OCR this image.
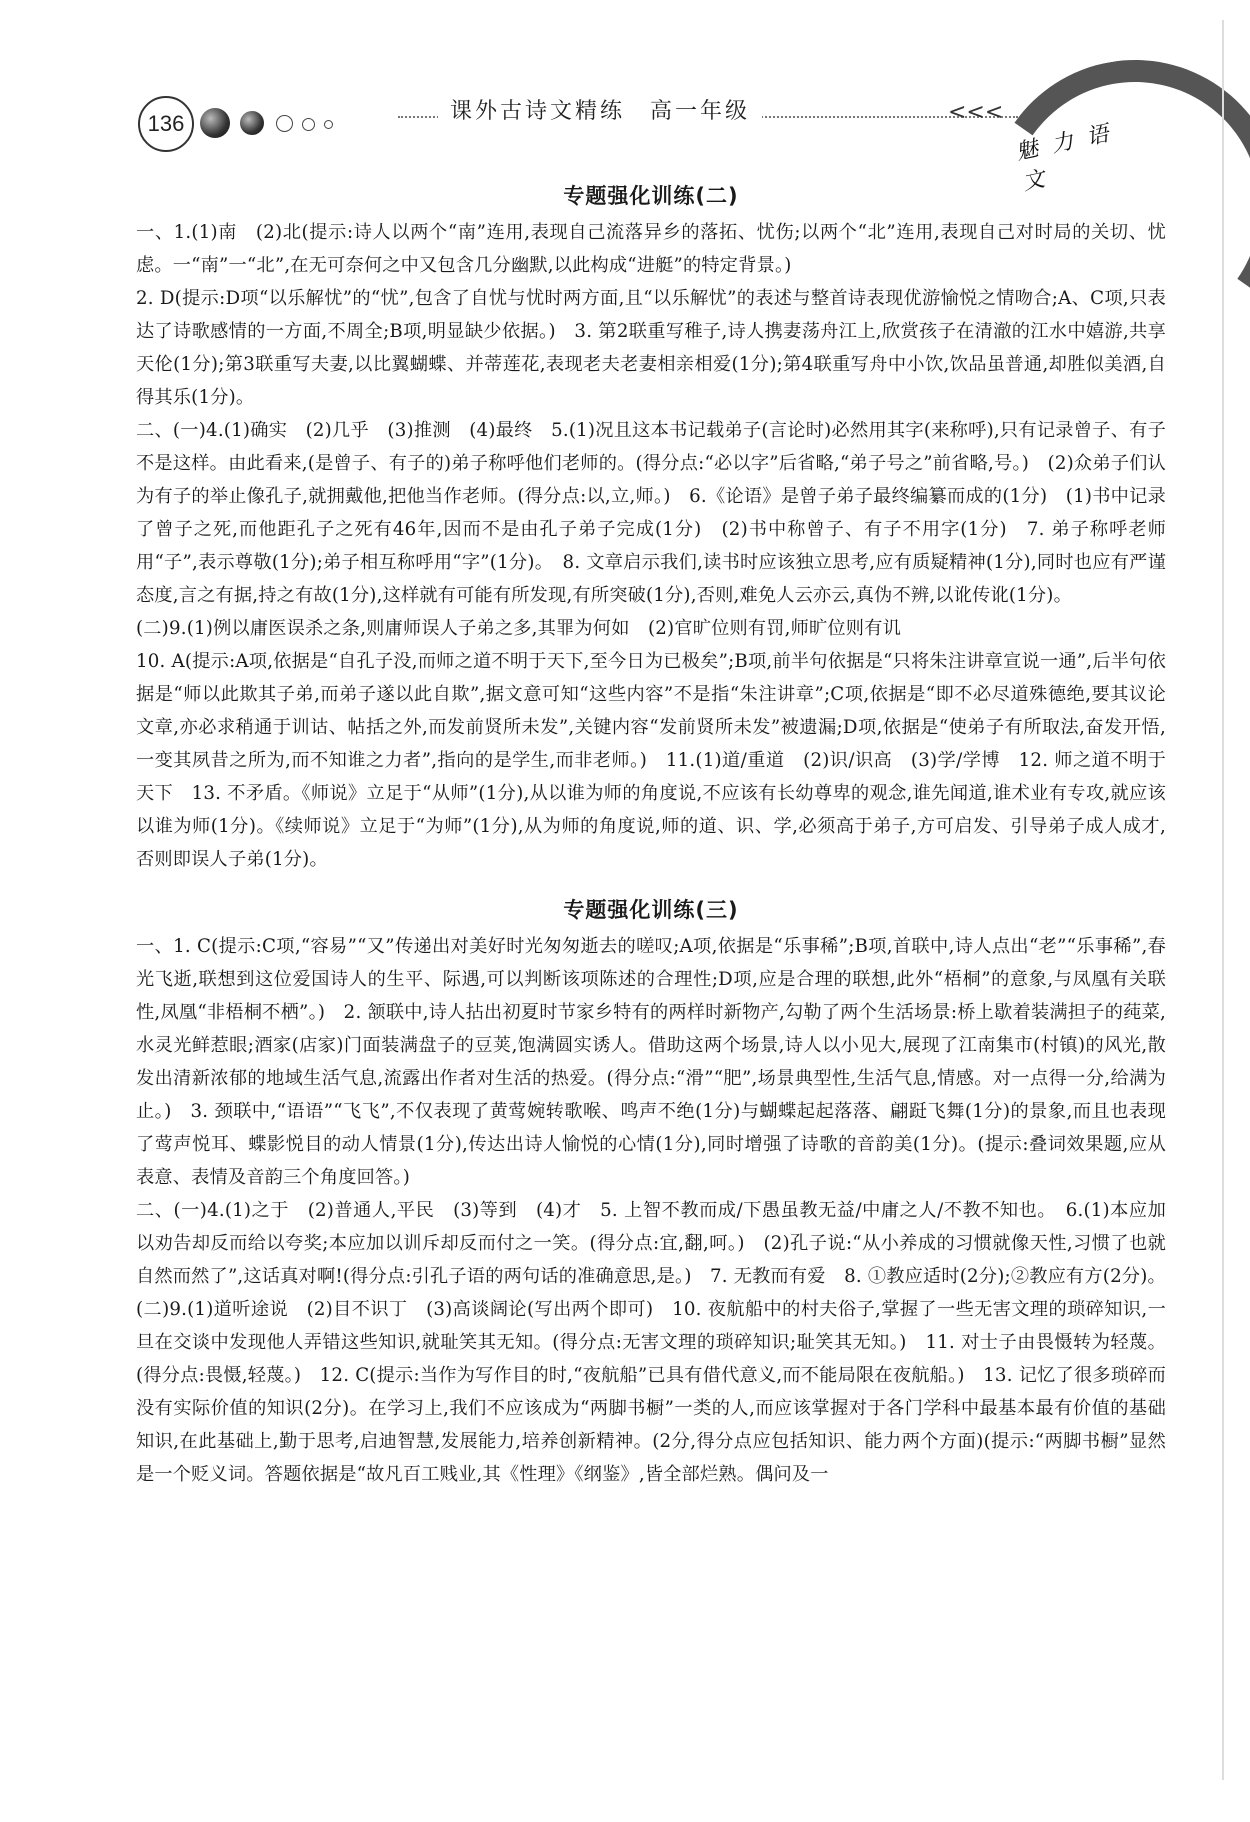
136	课外古诗文精练　高一年级	<<<
魅力语文
专题强化训练(二)

一、1.(1)南　(2)北(提示:诗人以两个“南”连用,表现自己流落异乡的落拓、忧伤;以两个“北”连用,表现自己对时局的关切、忧虑。一“南”一“北”,在无可奈何之中又包含几分幽默,以此构成“进艇”的特定背景。)

2. D(提示:D项“以乐解忧”的“忧”,包含了自忧与忧时两方面,且“以乐解忧”的表述与整首诗表现优游愉悦之情吻合;A、C项,只表达了诗歌感情的一方面,不周全;B项,明显缺少依据。)　3. 第2联重写稚子,诗人携妻荡舟江上,欣赏孩子在清澈的江水中嬉游,共享天伦(1分);第3联重写夫妻,以比翼蝴蝶、并蒂莲花,表现老夫老妻相亲相爱(1分);第4联重写舟中小饮,饮品虽普通,却胜似美酒,自得其乐(1分)。

二、(一)4.(1)确实　(2)几乎　(3)推测　(4)最终　5.(1)况且这本书记载弟子(言论时)必然用其字(来称呼),只有记录曾子、有子不是这样。由此看来,(是曾子、有子的)弟子称呼他们老师的。(得分点:“必以字”后省略,“弟子号之”前省略,号。)　(2)众弟子们认为有子的举止像孔子,就拥戴他,把他当作老师。(得分点:以,立,师。)　6.《论语》是曾子弟子最终编纂而成的(1分)　(1)书中记录了曾子之死,而他距孔子之死有46年,因而不是由孔子弟子完成(1分)　(2)书中称曾子、有子不用字(1分)　7. 弟子称呼老师用“子”,表示尊敬(1分);弟子相互称呼用“字”(1分)。　8. 文章启示我们,读书时应该独立思考,应有质疑精神(1分),同时也应有严谨态度,言之有据,持之有故(1分),这样就有可能有所发现,有所突破(1分),否则,难免人云亦云,真伪不辨,以讹传讹(1分)。

(二)9.(1)例以庸医误杀之条,则庸师误人子弟之多,其罪为何如　(2)官旷位则有罚,师旷位则有讥

10. A(提示:A项,依据是“自孔子没,而师之道不明于天下,至今日为已极矣”;B项,前半句依据是“只将朱注讲章宣说一通”,后半句依据是“师以此欺其子弟,而弟子遂以此自欺”,据文意可知“这些内容”不是指“朱注讲章”;C项,依据是“即不必尽道殊德绝,要其议论文章,亦必求稍通于训诂、帖括之外,而发前贤所未发”,关键内容“发前贤所未发”被遗漏;D项,依据是“使弟子有所取法,奋发开悟,一变其夙昔之所为,而不知谁之力者”,指向的是学生,而非老师。)　11.(1)道/重道　(2)识/识高　(3)学/学博　12. 师之道不明于天下　13. 不矛盾。《师说》立足于“从师”(1分),从以谁为师的角度说,不应该有长幼尊卑的观念,谁先闻道,谁术业有专攻,就应该以谁为师(1分)。《续师说》立足于“为师”(1分),从为师的角度说,师的道、识、学,必须高于弟子,方可启发、引导弟子成人成才,否则即误人子弟(1分)。

专题强化训练(三)

一、1. C(提示:C项,“容易”“又”传递出对美好时光匆匆逝去的嗟叹;A项,依据是“乐事稀”;B项,首联中,诗人点出“老”“乐事稀”,春光飞逝,联想到这位爱国诗人的生平、际遇,可以判断该项陈述的合理性;D项,应是合理的联想,此外“梧桐”的意象,与凤凰有关联性,凤凰“非梧桐不栖”。)　2. 颔联中,诗人拈出初夏时节家乡特有的两样时新物产,勾勒了两个生活场景:桥上歇着装满担子的莼菜,水灵光鲜惹眼;酒家(店家)门面装满盘子的豆荚,饱满圆实诱人。借助这两个场景,诗人以小见大,展现了江南集市(村镇)的风光,散发出清新浓郁的地域生活气息,流露出作者对生活的热爱。(得分点:“滑”“肥”,场景典型性,生活气息,情感。对一点得一分,给满为止。)　3. 颈联中,“语语”“飞飞”,不仅表现了黄莺婉转歌喉、鸣声不绝(1分)与蝴蝶起起落落、翩跹飞舞(1分)的景象,而且也表现了莺声悦耳、蝶影悦目的动人情景(1分),传达出诗人愉悦的心情(1分),同时增强了诗歌的音韵美(1分)。(提示:叠词效果题,应从表意、表情及音韵三个角度回答。)

二、(一)4.(1)之于　(2)普通人,平民　(3)等到　(4)才　5. 上智不教而成/下愚虽教无益/中庸之人/不教不知也。　6.(1)本应加以劝告却反而给以夸奖;本应加以训斥却反而付之一笑。(得分点:宜,翻,呵。)　(2)孔子说:“从小养成的习惯就像天性,习惯了也就自然而然了”,这话真对啊!(得分点:引孔子语的两句话的准确意思,是。)　7. 无教而有爱　8. ①教应适时(2分);②教应有方(2分)。

(二)9.(1)道听途说　(2)目不识丁　(3)高谈阔论(写出两个即可)　10. 夜航船中的村夫俗子,掌握了一些无害文理的琐碎知识,一旦在交谈中发现他人弄错这些知识,就耻笑其无知。(得分点:无害文理的琐碎知识;耻笑其无知。)　11. 对士子由畏慑转为轻蔑。(得分点:畏慑,轻蔑。)　12. C(提示:当作为写作目的时,“夜航船”已具有借代意义,而不能局限在夜航船。)　13. 记忆了很多琐碎而没有实际价值的知识(2分)。在学习上,我们不应该成为“两脚书橱”一类的人,而应该掌握对于各门学科中最基本最有价值的基础知识,在此基础上,勤于思考,启迪智慧,发展能力,培养创新精神。(2分,得分点应包括知识、能力两个方面)(提示:“两脚书橱”显然是一个贬义词。答题依据是“故凡百工贱业,其《性理》《纲鉴》,皆全部烂熟。偶问及一
